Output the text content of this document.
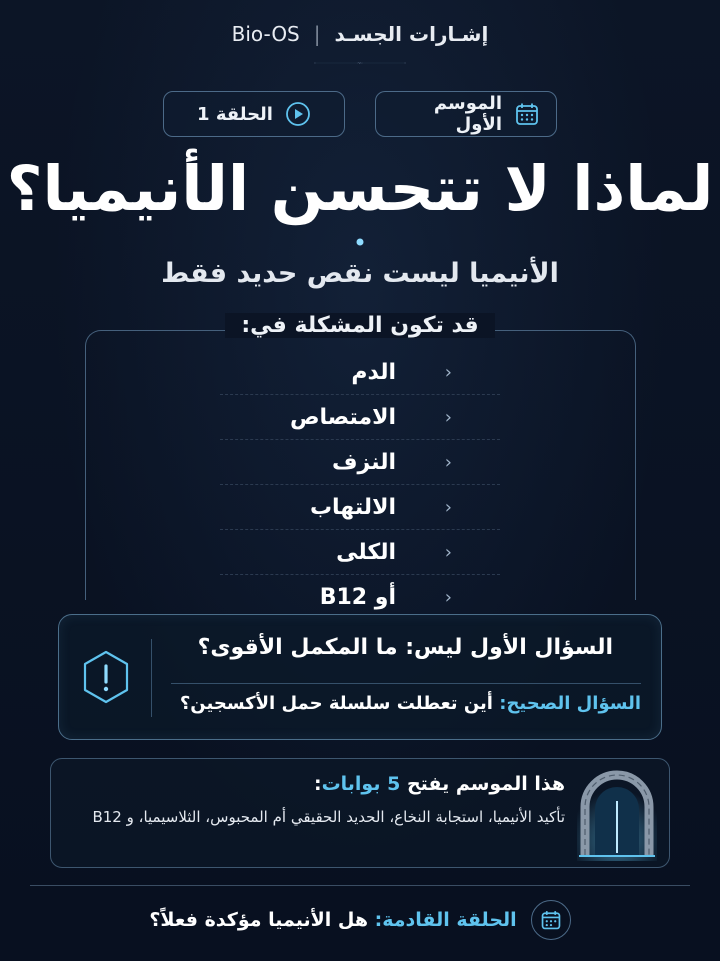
Bio-OS | إشـارات الجسـد
الموسم الأول
الحلقة 1
لماذا لا تتحسن الأنيميا؟
الأنيميا ليست نقص حديد فقط
قد تكون المشكلة في:
‹
الدم
‹
الامتصاص
‹
النزف
‹
الالتهاب
‹
الكلى
‹
أو B12
السؤال الأول ليس: ما المكمل الأقوى؟
السؤال الصحيح: أين تعطلت سلسلة حمل الأكسجين؟
هذا الموسم يفتح 5 بوابات:
تأكيد الأنيميا، استجابة النخاع، الحديد الحقيقي أم المحبوس، الثلاسيميا، و B12
الحلقة القادمة: هل الأنيميا مؤكدة فعلاً؟
